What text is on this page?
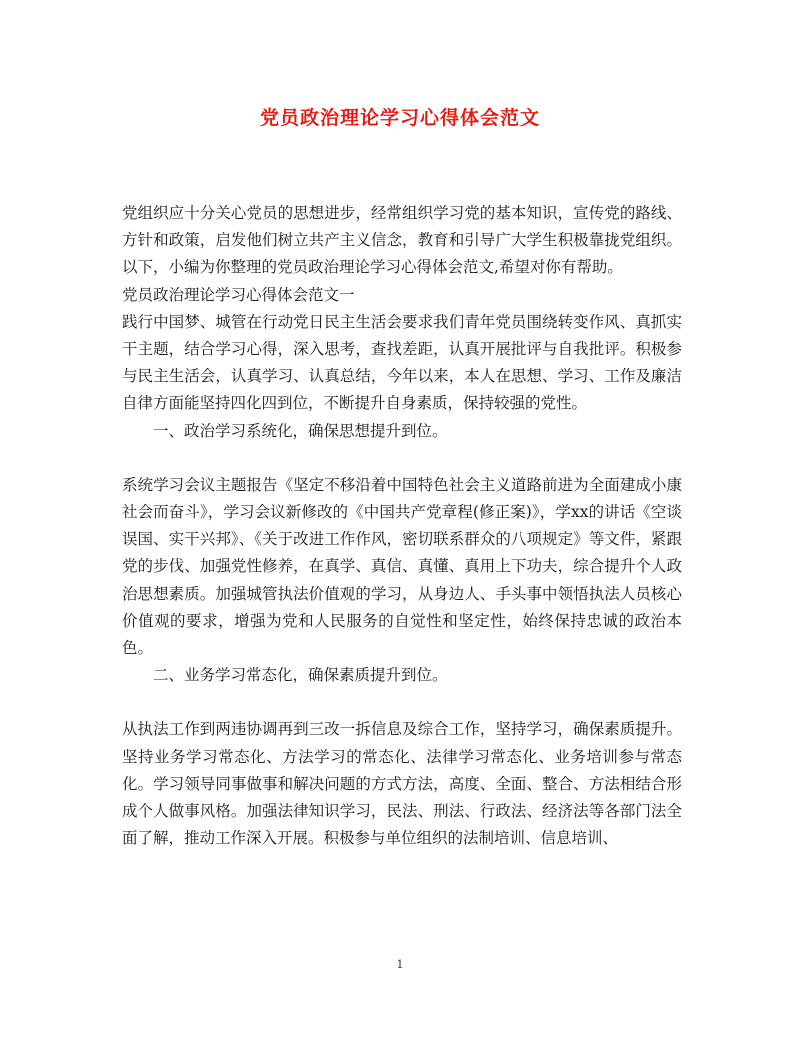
党员政治理论学习心得体会范文

党组织应十分关心党员的思想进步，经常组织学习党的基本知识，宣传党的路线、方针和政策，启发他们树立共产主义信念，教育和引导广大学生积极靠拢党组织。以下，小编为你整理的党员政治理论学习心得体会范文,希望对你有帮助。

党员政治理论学习心得体会范文一

践行中国梦、城管在行动党日民主生活会要求我们青年党员围绕转变作风、真抓实干主题，结合学习心得，深入思考，查找差距，认真开展批评与自我批评。积极参与民主生活会，认真学习、认真总结，今年以来，本人在思想、学习、工作及廉洁自律方面能坚持四化四到位，不断提升自身素质，保持较强的党性。

一、政治学习系统化，确保思想提升到位。

系统学习会议主题报告《坚定不移沿着中国特色社会主义道路前进为全面建成小康社会而奋斗》，学习会议新修改的《中国共产党章程(修正案)》，学xx的讲话《空谈误国、实干兴邦》、《关于改进工作作风，密切联系群众的八项规定》等文件，紧跟党的步伐、加强党性修养，在真学、真信、真懂、真用上下功夫，综合提升个人政治思想素质。加强城管执法价值观的学习，从身边人、手头事中领悟执法人员核心价值观的要求，增强为党和人民服务的自觉性和坚定性，始终保持忠诚的政治本色。

二、业务学习常态化，确保素质提升到位。

从执法工作到两违协调再到三改一拆信息及综合工作，坚持学习，确保素质提升。坚持业务学习常态化、方法学习的常态化、法律学习常态化、业务培训参与常态化。学习领导同事做事和解决问题的方式方法，高度、全面、整合、方法相结合形成个人做事风格。加强法律知识学习，民法、刑法、行政法、经济法等各部门法全面了解，推动工作深入开展。积极参与单位组织的法制培训、信息培训、

1
